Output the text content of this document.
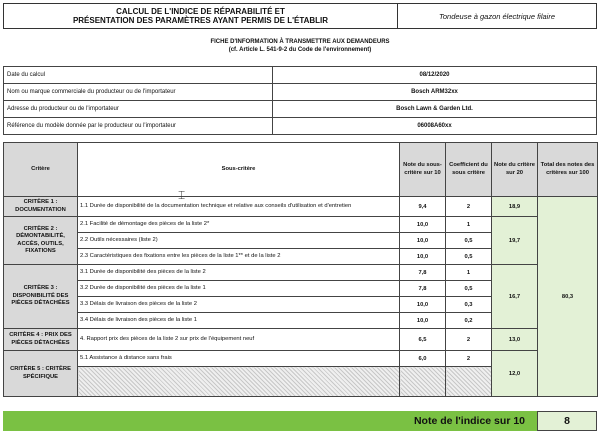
CALCUL DE L'INDICE DE RÉPARABILITÉ ET
PRÉSENTATION DES PARAMÈTRES AYANT PERMIS DE L'ÉTABLIR	Tondeuse à gazon électrique filaire
FICHE D'INFORMATION À TRANSMETTRE AUX DEMANDEURS
(cf. Article L. 541-9-2 du Code de l'environnement)
Date du calcul	08/12/2020
Nom ou marque commerciale du producteur ou de l'importateur	Bosch ARM32xx
Adresse du producteur ou de l'importateur	Bosch Lawn & Garden Ltd.
Référence du modèle donnée par le producteur ou l'importateur	06008A60xx
Critère	Sous-critère	Note du sous-critère sur 10	Coefficient du sous critère	Note du critère sur 20	Total des notes des critères sur 100
CRITÈRE 1 : DOCUMENTATION	1.1 Durée de disponibilité de la documentation technique et relative aux conseils d'utilisation et d'entretien	9,4	2	18,9	80,3
CRITÈRE 2 : DÉMONTABILITÉ, ACCÈS, OUTILS, FIXATIONS	2.1 Facilité de démontage des pièces de la liste 2*	10,0	1	19,7	
	2.2 Outils nécessaires (liste 2)	10,0	0,5		
	2.3 Caractéristiques des fixations entre les pièces de la liste 1** et de la liste 2	10,0	0,5		
CRITÈRE 3 : DISPONIBILITÉ DES PIÈCES DÉTACHÉES	3.1 Durée de disponibilité des pièces de la liste 2	7,8	1	16,7	
	3.2 Durée de disponibilité des pièces de la liste 1	7,8	0,5		
	3.3 Délais de livraison des pièces de la liste 2	10,0	0,3		
	3.4 Délais de livraison des pièces de la liste 1	10,0	0,2		
CRITÈRE 4 : PRIX DES PIÈCES DÉTACHÉES	4. Rapport prix des pièces de la liste 2 sur prix de l'équipement neuf	6,5	2	13,0	
CRITÈRE 5 : CRITÈRE SPÉCIFIQUE	5.1 Assistance à distance sans frais	6,0	2	12,0	

Note de l'indice sur 10	8
⌶
